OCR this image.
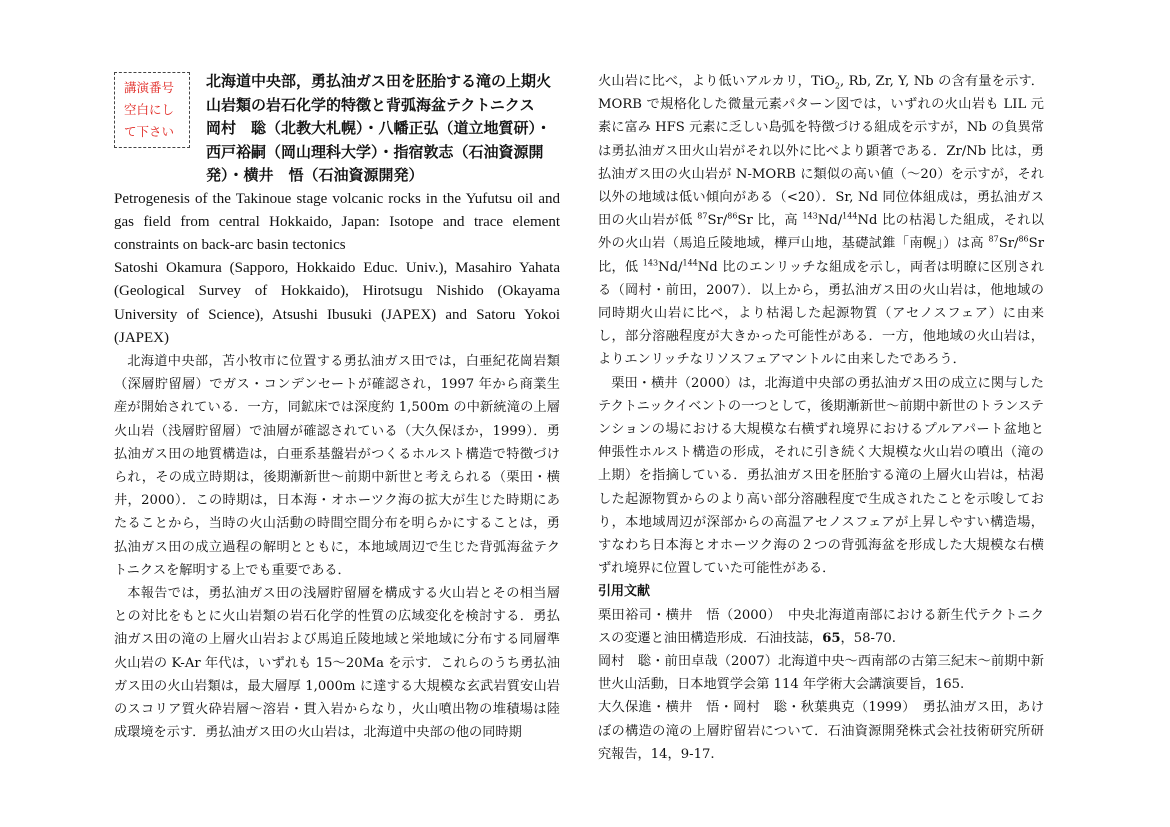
講演番号
空白にし
て下さい
北海道中央部，勇払油ガス田を胚胎する滝の上期火山岩類の岩石化学的特徴と背弧海盆テクトニクス
岡村　聡（北教大札幌）・八幡正弘（道立地質研）・西戸裕嗣（岡山理科大学）・指宿敦志（石油資源開発）・横井　悟（石油資源開発）
Petrogenesis of the Takinoue stage volcanic rocks in the Yufutsu oil and gas field from central Hokkaido, Japan: Isotope and trace element constraints on back-arc basin tectonics
Satoshi Okamura (Sapporo, Hokkaido Educ. Univ.), Masahiro Yahata (Geological Survey of Hokkaido), Hirotsugu Nishido (Okayama University of Science), Atsushi Ibusuki (JAPEX) and Satoru Yokoi (JAPEX)

北海道中央部，苫小牧市に位置する勇払油ガス田では，白亜紀花崗岩類（深層貯留層）でガス・コンデンセートが確認され，1997 年から商業生産が開始されている．一方，同鉱床では深度約 1,500m の中新統滝の上層火山岩（浅層貯留層）で油層が確認されている（大久保ほか，1999）．勇払油ガス田の地質構造は，白亜系基盤岩がつくるホルスト構造で特徴づけられ，その成立時期は，後期漸新世～前期中新世と考えられる（栗田・横井，2000）．この時期は，日本海・オホーツク海の拡大が生じた時期にあたることから，当時の火山活動の時間空間分布を明らかにすることは，勇払油ガス田の成立過程の解明とともに，本地域周辺で生じた背弧海盆テクトニクスを解明する上でも重要である．

本報告では，勇払油ガス田の浅層貯留層を構成する火山岩とその相当層との対比をもとに火山岩類の岩石化学的性質の広域変化を検討する．勇払油ガス田の滝の上層火山岩および馬追丘陵地域と栄地域に分布する同層準火山岩の K-Ar 年代は，いずれも 15～20Ma を示す．これらのうち勇払油ガス田の火山岩類は，最大層厚 1,000m に達する大規模な玄武岩質安山岩のスコリア質火砕岩層～溶岩・貫入岩からなり，火山噴出物の堆積場は陸成環境を示す．勇払油ガス田の火山岩は，北海道中央部の他の同時期

火山岩に比べ，より低いアルカリ，TiO$_2$, Rb, Zr, Y, Nb の含有量を示す．MORB で規格化した微量元素パターン図では，いずれの火山岩も LIL 元素に富み HFS 元素に乏しい島弧を特徴づける組成を示すが，Nb の負異常は勇払油ガス田火山岩がそれ以外に比べより顕著である．Zr/Nb 比は，勇払油ガス田の火山岩が N-MORB に類似の高い値（～20）を示すが，それ以外の地域は低い傾向がある（<20）．Sr, Nd 同位体組成は，勇払油ガス田の火山岩が低 $^{87}$Sr/$^{86}$Sr 比，高 $^{143}$Nd/$^{144}$Nd 比の枯渇した組成，それ以外の火山岩（馬追丘陵地域，樺戸山地，基礎試錐「南幌」）は高 $^{87}$Sr/$^{86}$Sr 比，低 $^{143}$Nd/$^{144}$Nd 比のエンリッチな組成を示し，両者は明瞭に区別される（岡村・前田，2007）．以上から，勇払油ガス田の火山岩は，他地域の同時期火山岩に比べ，より枯渇した起源物質（アセノスフェア）に由来し，部分溶融程度が大きかった可能性がある．一方，他地域の火山岩は，よりエンリッチなリソスフェアマントルに由来したであろう．

栗田・横井（2000）は，北海道中央部の勇払油ガス田の成立に関与したテクトニックイベントの一つとして，後期漸新世～前期中新世のトランステンションの場における大規模な右横ずれ境界におけるプルアパート盆地と伸張性ホルスト構造の形成，それに引き続く大規模な火山岩の噴出（滝の上期）を指摘している．勇払油ガス田を胚胎する滝の上層火山岩は，枯渇した起源物質からのより高い部分溶融程度で生成されたことを示唆しており，本地域周辺が深部からの高温アセノスフェアが上昇しやすい構造場，すなわち日本海とオホーツク海の２つの背弧海盆を形成した大規模な右横ずれ境界に位置していた可能性がある．

引用文献

栗田裕司・横井　悟（2000）　中央北海道南部における新生代テクトニクスの変遷と油田構造形成．石油技誌，65，58-70.

岡村　聡・前田卓哉（2007）北海道中央～西南部の古第三紀末～前期中新世火山活動，日本地質学会第 114 年学術大会講演要旨，165.

大久保進・横井　悟・岡村　聡・秋葉典克（1999）　勇払油ガス田，あけぼの構造の滝の上層貯留岩について．石油資源開発株式会社技術研究所研究報告，14，9-17.
